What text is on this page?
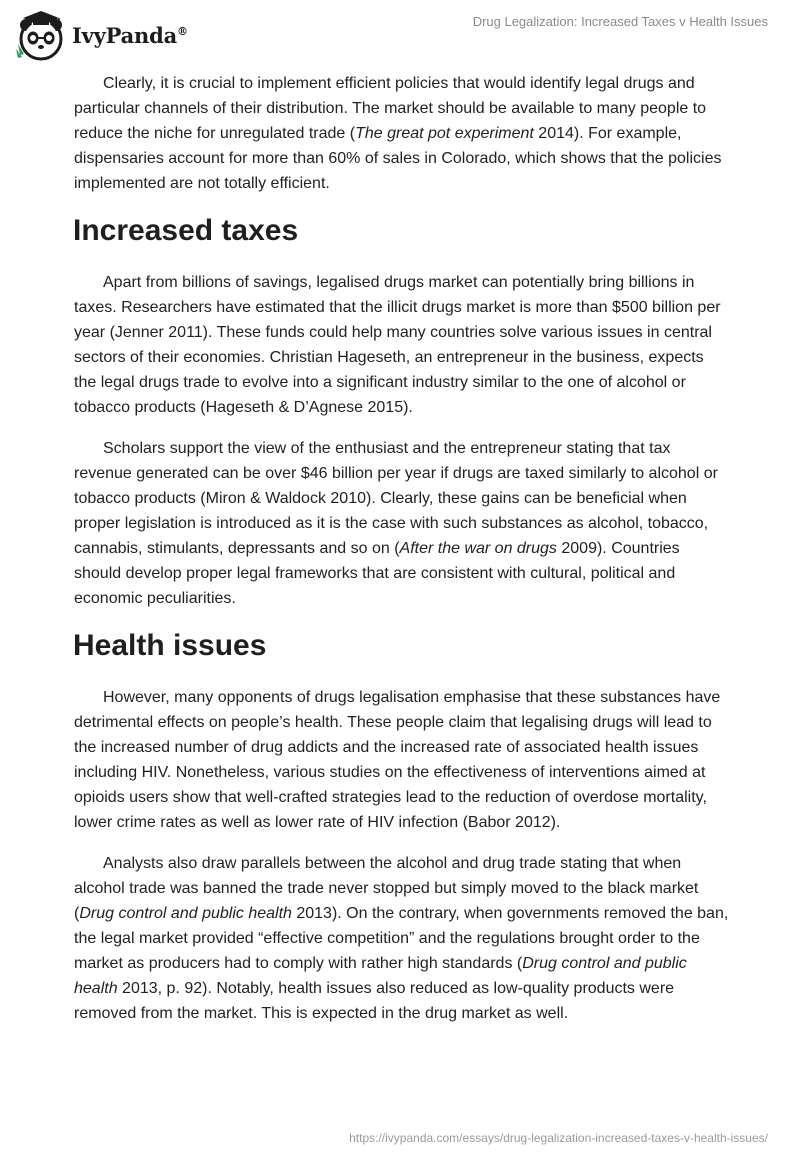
IvyPanda®
Drug Legalization: Increased Taxes v Health Issues

Clearly, it is crucial to implement efficient policies that would identify legal drugs and particular channels of their distribution. The market should be available to many people to reduce the niche for unregulated trade (The great pot experiment 2014). For example, dispensaries account for more than 60% of sales in Colorado, which shows that the policies implemented are not totally efficient.

Increased taxes

Apart from billions of savings, legalised drugs market can potentially bring billions in taxes. Researchers have estimated that the illicit drugs market is more than $500 billion per year (Jenner 2011). These funds could help many countries solve various issues in central sectors of their economies. Christian Hageseth, an entrepreneur in the business, expects the legal drugs trade to evolve into a significant industry similar to the one of alcohol or tobacco products (Hageseth & D’Agnese 2015).

Scholars support the view of the enthusiast and the entrepreneur stating that tax revenue generated can be over $46 billion per year if drugs are taxed similarly to alcohol or tobacco products (Miron & Waldock 2010). Clearly, these gains can be beneficial when proper legislation is introduced as it is the case with such substances as alcohol, tobacco, cannabis, stimulants, depressants and so on (After the war on drugs 2009). Countries should develop proper legal frameworks that are consistent with cultural, political and economic peculiarities.

Health issues

However, many opponents of drugs legalisation emphasise that these substances have detrimental effects on people’s health. These people claim that legalising drugs will lead to the increased number of drug addicts and the increased rate of associated health issues including HIV. Nonetheless, various studies on the effectiveness of interventions aimed at opioids users show that well-crafted strategies lead to the reduction of overdose mortality, lower crime rates as well as lower rate of HIV infection (Babor 2012).

Analysts also draw parallels between the alcohol and drug trade stating that when alcohol trade was banned the trade never stopped but simply moved to the black market (Drug control and public health 2013). On the contrary, when governments removed the ban, the legal market provided “effective competition” and the regulations brought order to the market as producers had to comply with rather high standards (Drug control and public health 2013, p. 92). Notably, health issues also reduced as low-quality products were removed from the market. This is expected in the drug market as well.

https://ivypanda.com/essays/drug-legalization-increased-taxes-v-health-issues/
